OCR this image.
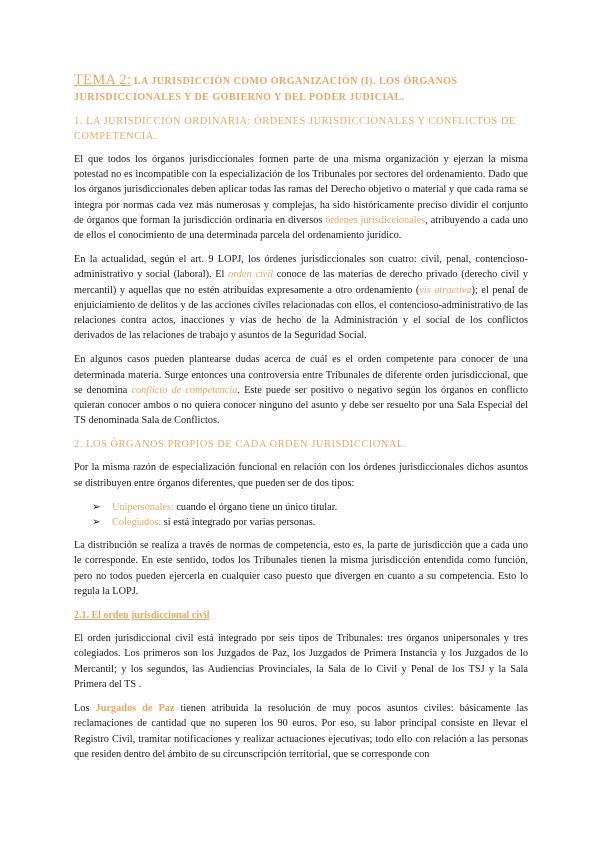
TEMA 2: LA JURISDICCIÓN COMO ORGANIZACIÓN (I). LOS ÓRGANOS JURISDICCIONALES Y DE GOBIERNO Y DEL PODER JUDICIAL.
1. LA JURISDICCIÓN ORDINARIA: ÓRDENES JURISDICCIONALES Y CONFLICTOS DE COMPETENCIA.

El que todos los órganos jurisdiccionales formen parte de una misma organización y ejerzan la misma potestad no es incompatible con la especialización de los Tribunales por sectores del ordenamiento. Dado que los órganos jurisdiccionales deben aplicar todas las ramas del Derecho objetivo o material y que cada rama se integra por normas cada vez más numerosas y complejas, ha sido históricamente preciso dividir el conjunto de órganos que forman la jurisdicción ordinaria en diversos órdenes jurisdiccionales, atribuyendo a cada uno de ellos el conocimiento de una determinada parcela del ordenamiento jurídico.

En la actualidad, según el art. 9 LOPJ, los órdenes jurisdiccionales son cuatro: civil, penal, contencioso-administrativo y social (laboral). El orden civil conoce de las materias de derecho privado (derecho civil y mercantil) y aquellas que no estén atribuidas expresamente a otro ordenamiento (vis atractiva); el penal de enjuiciamiento de delitos y de las acciones civiles relacionadas con ellos, el contencioso-administrativo de las relaciones contra actos, inacciones y vías de hecho de la Administración y el social de los conflictos derivados de las relaciones de trabajo y asuntos de la Seguridad Social.

En algunos casos pueden plantearse dudas acerca de cuál es el orden competente para conocer de una determinada materia. Surge entonces una controversia entre Tribunales de diferente orden jurisdiccional, que se denomina conflicto de competencia. Este puede ser positivo o negativo según los órganos en conflicto quieran conocer ambos o no quiera conocer ninguno del asunto y debe ser resuelto por una Sala Especial del TS denominada Sala de Conflictos.

2. LOS ÓRGANOS PROPIOS DE CADA ORDEN JURISDICCIONAL.

Por la misma razón de especialización funcional en relación con los órdenes jurisdiccionales dichos asuntos se distribuyen entre órganos diferentes, que pueden ser de dos tipos:

➢ Unipersonales: cuando el órgano tiene un único titular.
➢ Colegiados: si está integrado por varias personas.

La distribución se realiza a través de normas de competencia, esto es, la parte de jurisdicción que a cada uno le corresponde. En este sentido, todos los Tribunales tienen la misma jurisdicción entendida como función, pero no todos pueden ejercerla en cualquier caso puesto que divergen en cuanto a su competencia. Esto lo regula la LOPJ.

2.1. El orden jurisdiccional civil

El orden jurisdiccional civil está integrado por seis tipos de Tribunales: tres órganos unipersonales y tres colegiados. Los primeros son los Juzgados de Paz, los Juzgados de Primera Instancia y los Juzgados de lo Mercantil; y los segundos, las Audiencias Provinciales, la Sala de lo Civil y Penal de los TSJ y la Sala Primera del TS .

Los Jurgados de Paz tienen atribuida la resolución de muy pocos asuntos civiles: básicamente las reclamaciones de cantidad que no superen los 90 euros. Por eso, su labor principal consiste en llevar el Registro Civil, tramitar notificaciones y realizar actuaciones ejecutivas; todo ello con relación a las personas que residen dentro del ámbito de su circunscripción territorial, que se corresponde con
